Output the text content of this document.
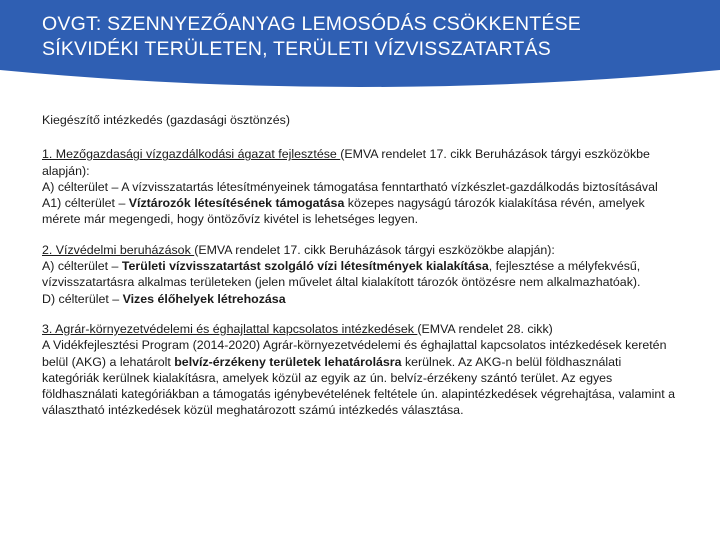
OVGT: SZENNYEZŐANYAG LEMOSÓDÁS CSÖKKENTÉSE
SÍKVIDÉKI TERÜLETEN, TERÜLETI VÍZVISSZATARTÁS

Kiegészítő intézkedés (gazdasági ösztönzés)

1. Mezőgazdasági vízgazdálkodási ágazat fejlesztése (EMVA rendelet 17. cikk Beruházások tárgyi eszközökbe alapján):
A) célterület – A vízvisszatartás létesítményeinek támogatása fenntartható vízkészlet-gazdálkodás biztosításával
A1) célterület – Víztározók létesítésének támogatása közepes nagyságú tározók kialakítása révén, amelyek mérete már megengedi, hogy öntözővíz kivétel is lehetséges legyen.
2. Vízvédelmi beruházások (EMVA rendelet 17. cikk Beruházások tárgyi eszközökbe alapján):
A) célterület – Területi vízvisszatartást szolgáló vízi létesítmények kialakítása, fejlesztése a mélyfekvésű, vízvisszatartásra alkalmas területeken (jelen művelet által kialakított tározók öntözésre nem alkalmazhatóak).
D) célterület – Vizes élőhelyek létrehozása
3. Agrár-környezetvédelemi és éghajlattal kapcsolatos intézkedések (EMVA rendelet 28. cikk)
A Vidékfejlesztési Program (2014-2020) Agrár-környezetvédelemi és éghajlattal kapcsolatos intézkedések keretén belül (AKG) a lehatárolt belvíz-érzékeny területek lehatárolásra kerülnek. Az AKG-n belül földhasználati kategóriák kerülnek kialakításra, amelyek közül az egyik az ún. belvíz-érzékeny szántó terület. Az egyes földhasználati kategóriákban a támogatás igénybevételének feltétele ún. alapintézkedések végrehajtása, valamint a választható intézkedések közül meghatározott számú intézkedés választása.
